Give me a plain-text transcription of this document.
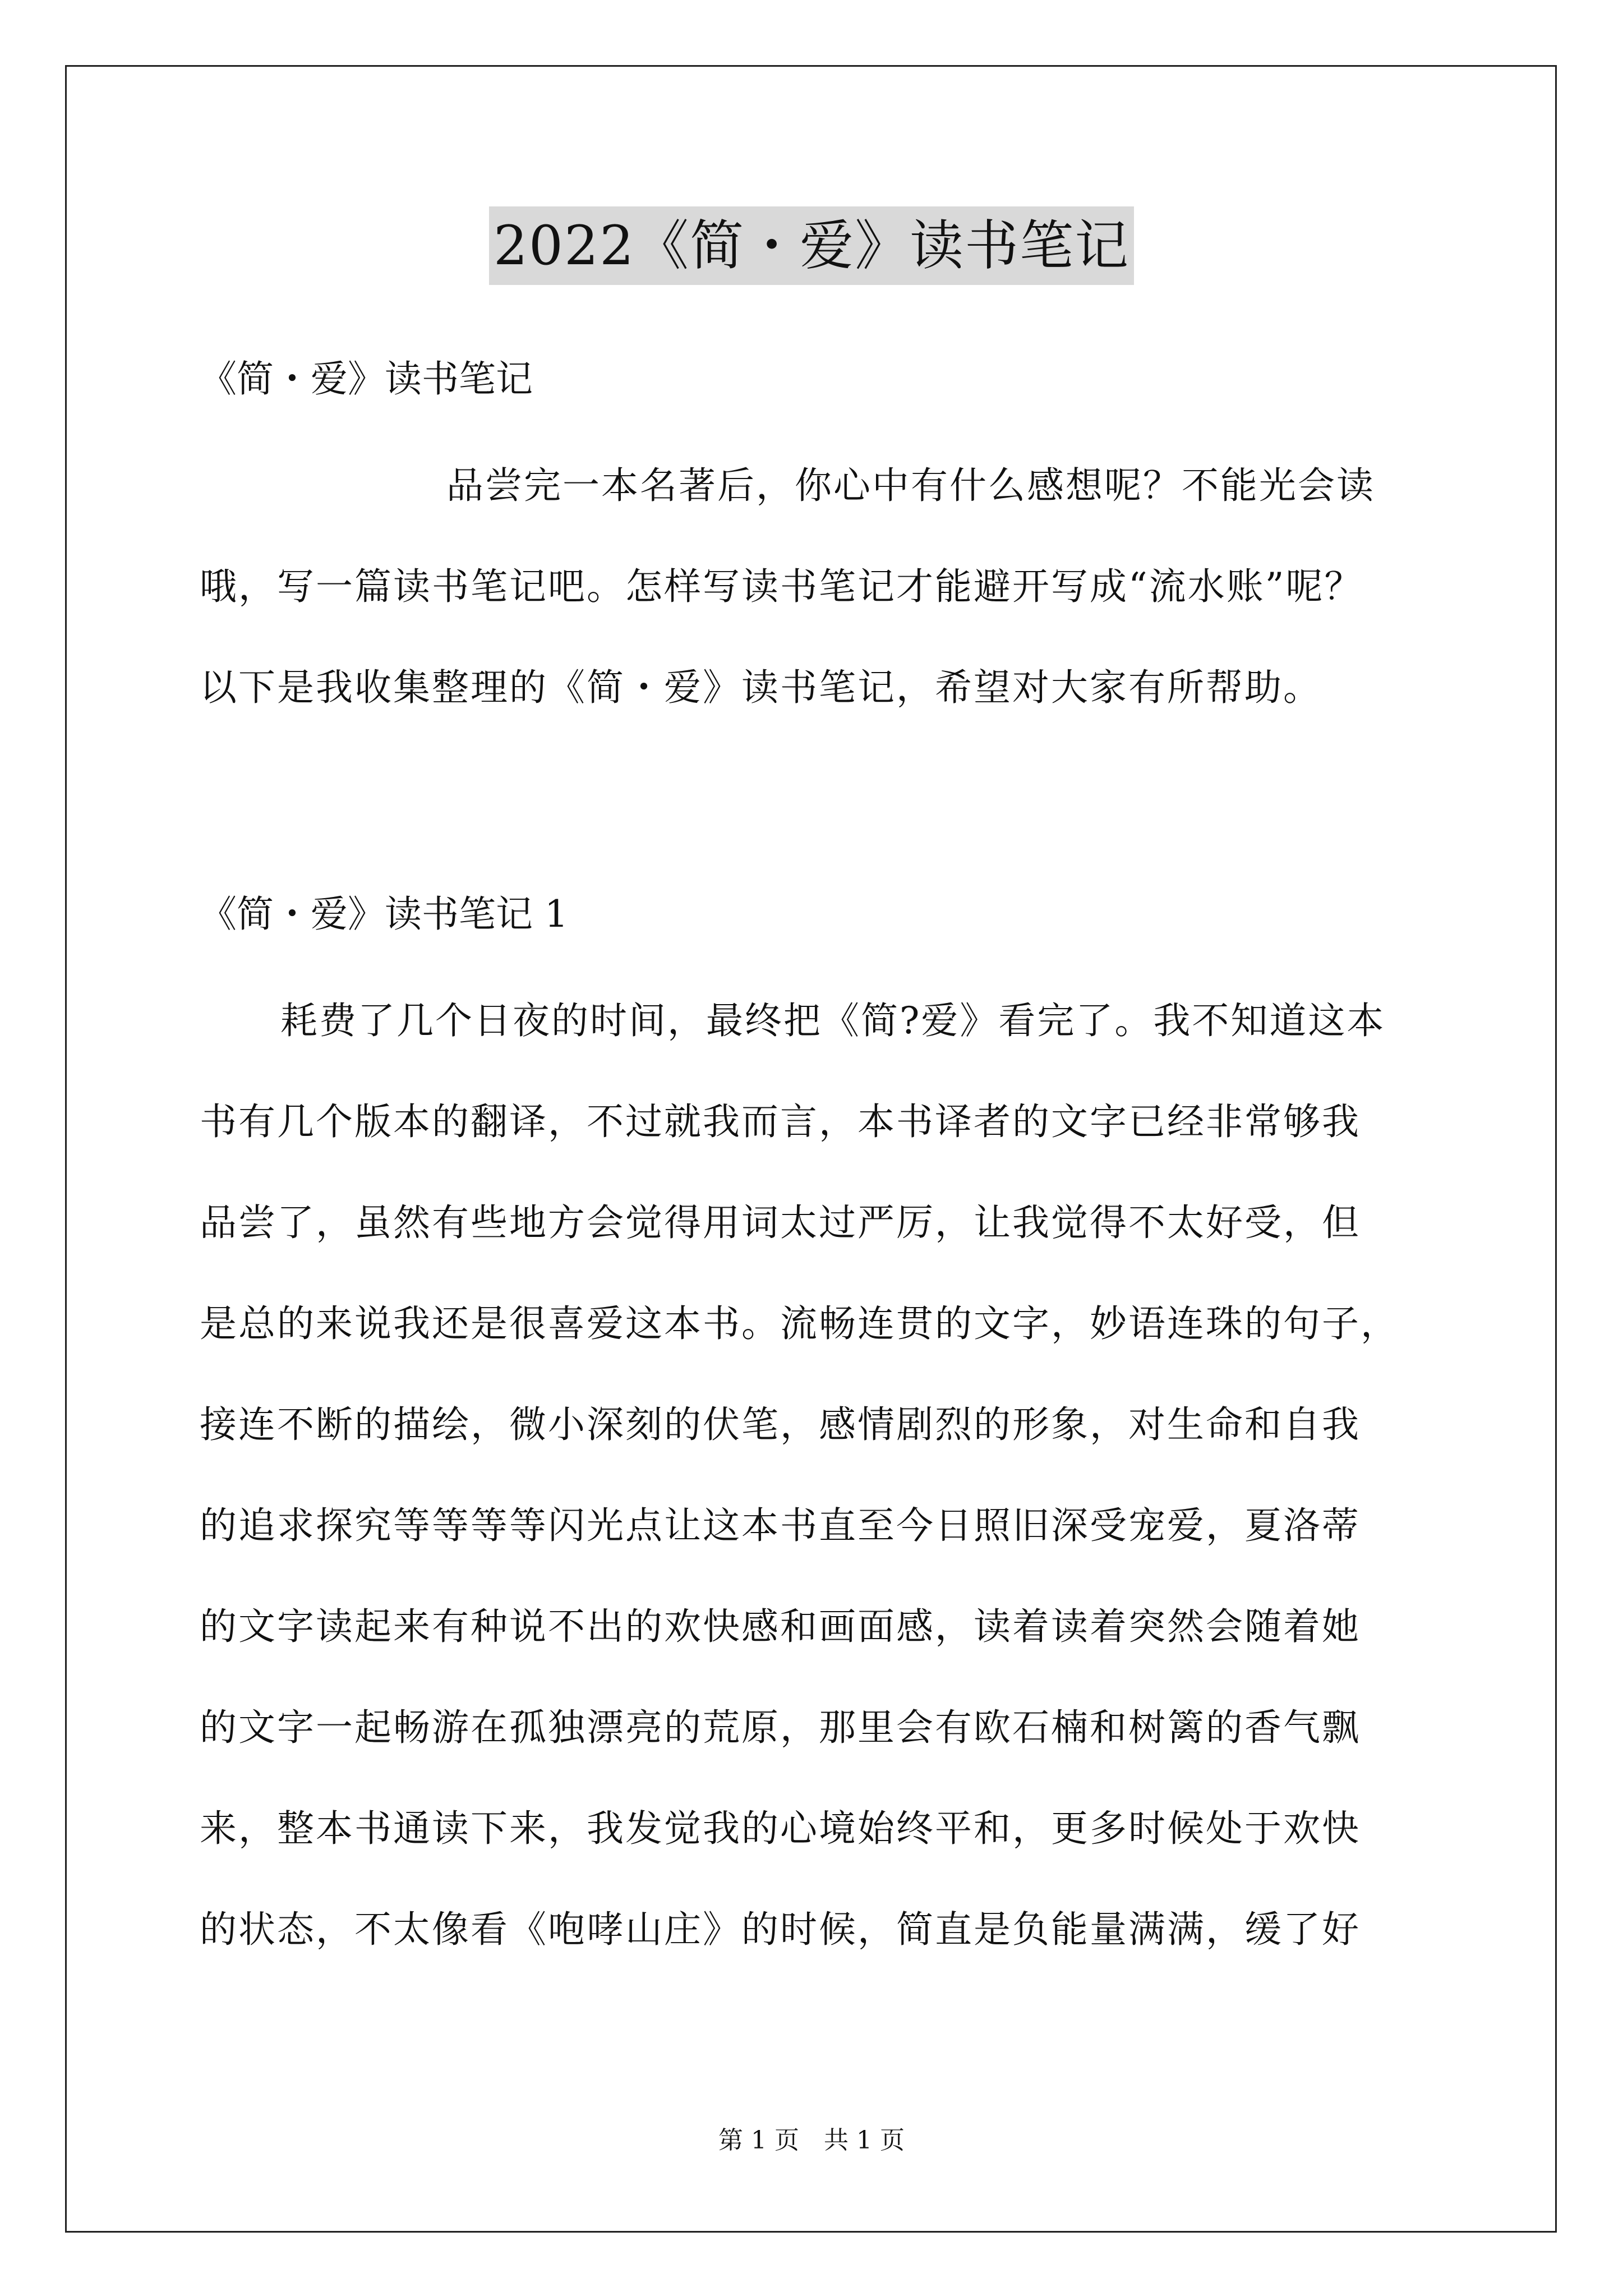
2022《简・爱》读书笔记
《简・爱》读书笔记
品尝完一本名著后，你心中有什么感想呢？不能光会读
哦，写一篇读书笔记吧。怎样写读书笔记才能避开写成“流水账”呢？
以下是我收集整理的《简・爱》读书笔记，希望对大家有所帮助。
《简・爱》读书笔记 1
耗费了几个日夜的时间，最终把《简?爱》看完了。我不知道这本
书有几个版本的翻译，不过就我而言，本书译者的文字已经非常够我
品尝了，虽然有些地方会觉得用词太过严厉，让我觉得不太好受，但
是总的来说我还是很喜爱这本书。流畅连贯的文字，妙语连珠的句子，
接连不断的描绘，微小深刻的伏笔，感情剧烈的形象，对生命和自我
的追求探究等等等等闪光点让这本书直至今日照旧深受宠爱，夏洛蒂
的文字读起来有种说不出的欢快感和画面感，读着读着突然会随着她
的文字一起畅游在孤独漂亮的荒原，那里会有欧石楠和树篱的香气飘
来，整本书通读下来，我发觉我的心境始终平和，更多时候处于欢快
的状态，不太像看《咆哮山庄》的时候，简直是负能量满满，缓了好
第 1 页　共 1 页
